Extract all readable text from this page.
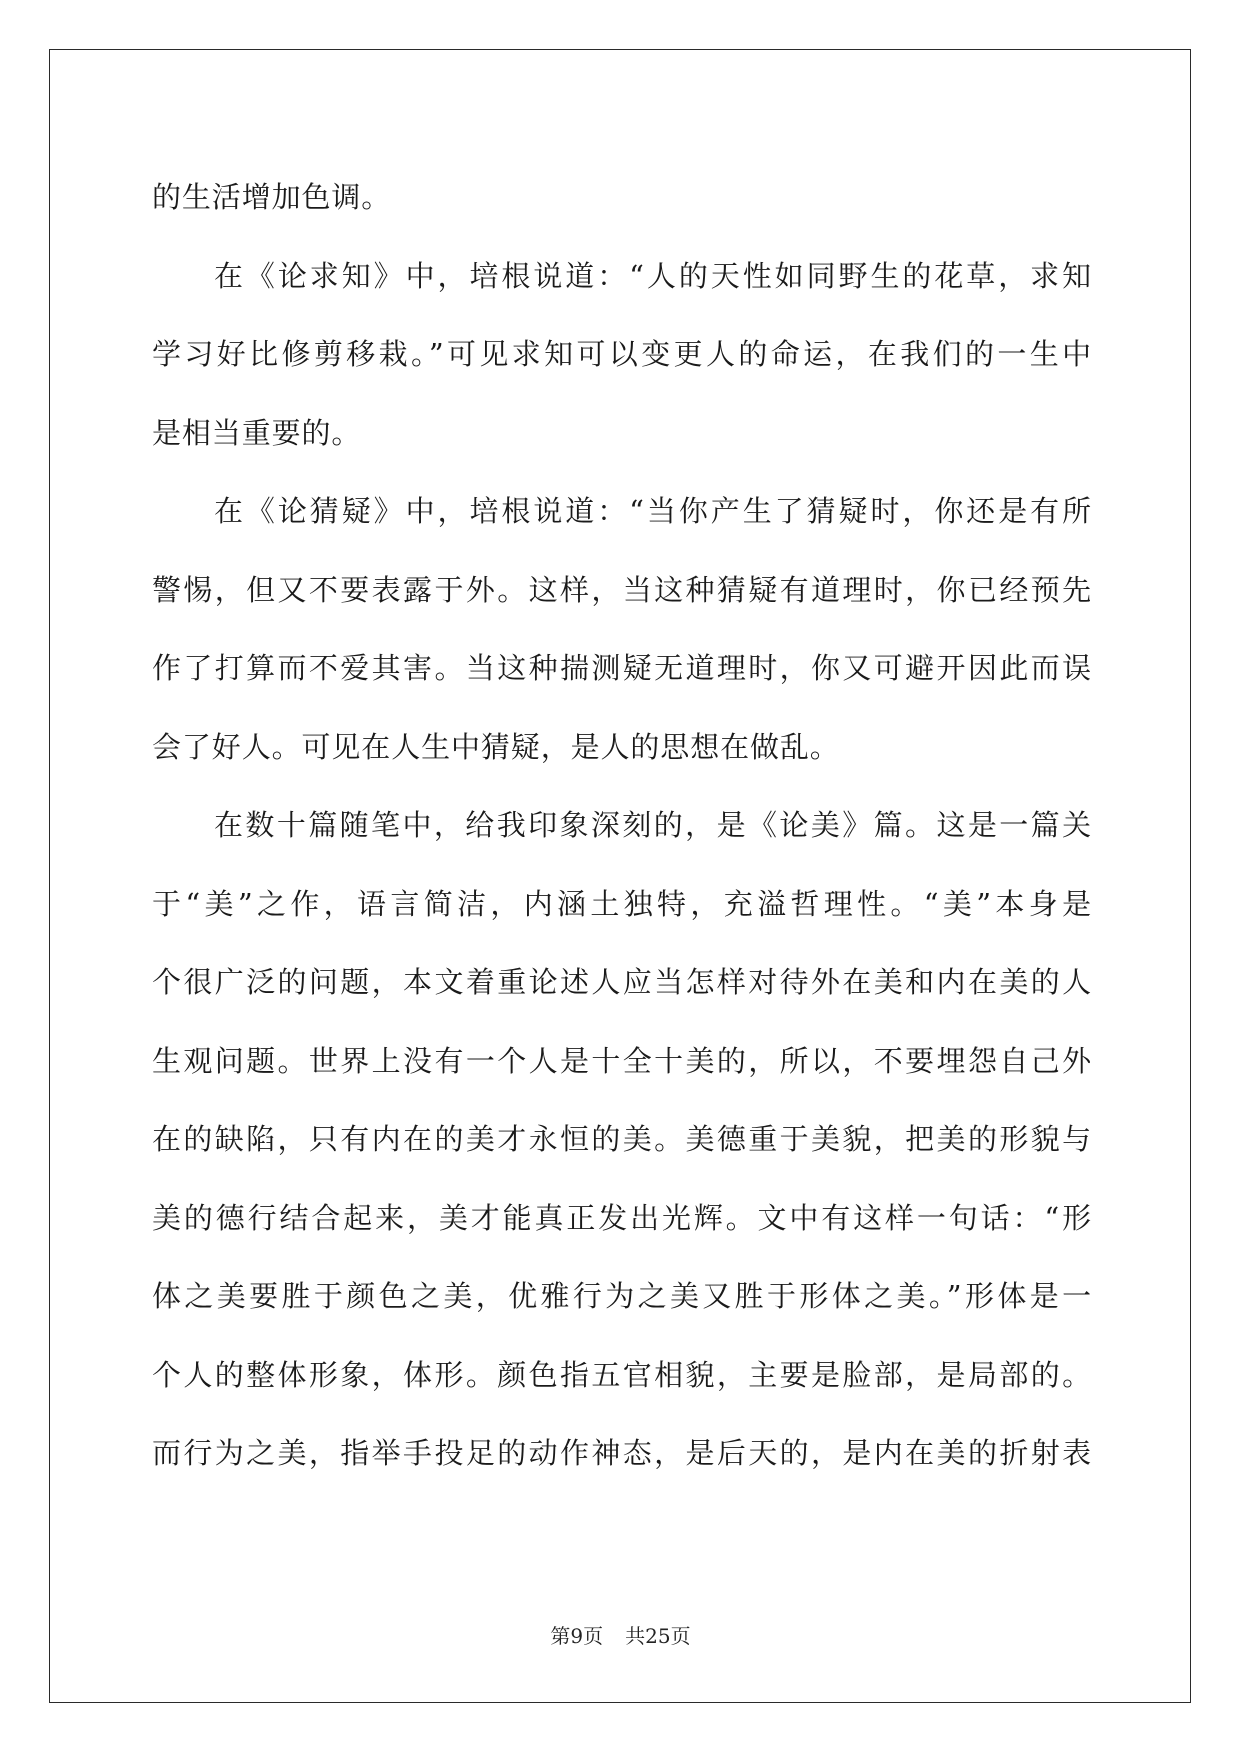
的生活增加色调。
在《论求知》中，培根说道：“人的天性如同野生的花草，求知
学习好比修剪移栽。”可见求知可以变更人的命运，在我们的一生中
是相当重要的。
在《论猜疑》中，培根说道：“当你产生了猜疑时，你还是有所
警惕，但又不要表露于外。这样，当这种猜疑有道理时，你已经预先
作了打算而不爱其害。当这种揣测疑无道理时，你又可避开因此而误
会了好人。可见在人生中猜疑，是人的思想在做乱。
在数十篇随笔中，给我印象深刻的，是《论美》篇。这是一篇关
于“美”之作，语言简洁，内涵土独特，充溢哲理性。“美”本身是
个很广泛的问题，本文着重论述人应当怎样对待外在美和内在美的人
生观问题。世界上没有一个人是十全十美的，所以，不要埋怨自己外
在的缺陷，只有内在的美才永恒的美。美德重于美貌，把美的形貌与
美的德行结合起来，美才能真正发出光辉。文中有这样一句话：“形
体之美要胜于颜色之美，优雅行为之美又胜于形体之美。”形体是一
个人的整体形象，体形。颜色指五官相貌，主要是脸部，是局部的。
而行为之美，指举手投足的动作神态，是后天的，是内在美的折射表
第9页 共25页
